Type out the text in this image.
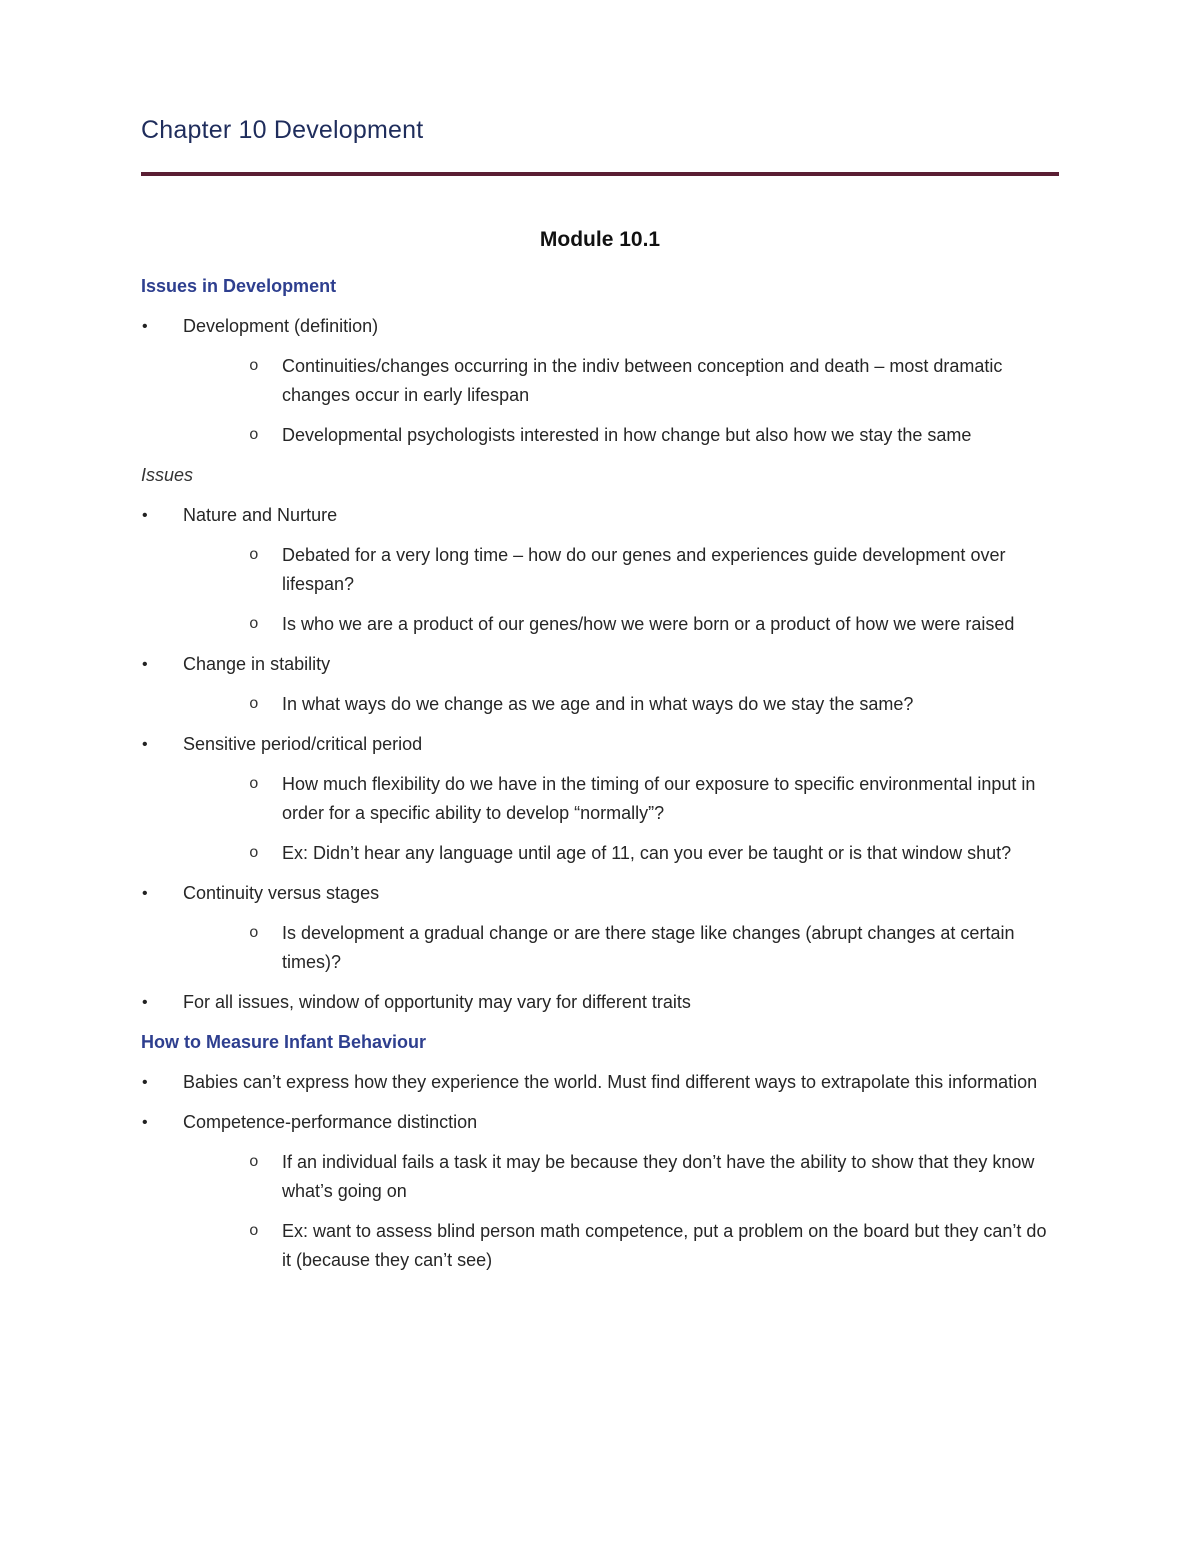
Chapter 10 Development
Module 10.1
Issues in Development
• Development (definition)
o Continuities/changes occurring in the indiv between conception and death – most dramatic changes occur in early lifespan
o Developmental psychologists interested in how change but also how we stay the same
Issues
• Nature and Nurture
o Debated for a very long time – how do our genes and experiences guide development over lifespan?
o Is who we are a product of our genes/how we were born or a product of how we were raised
• Change in stability
o In what ways do we change as we age and in what ways do we stay the same?
• Sensitive period/critical period
o How much flexibility do we have in the timing of our exposure to specific environmental input in order for a specific ability to develop “normally”?
o Ex: Didn’t hear any language until age of 11, can you ever be taught or is that window shut?
• Continuity versus stages
o Is development a gradual change or are there stage like changes (abrupt changes at certain times)?
• For all issues, window of opportunity may vary for different traits
How to Measure Infant Behaviour
• Babies can’t express how they experience the world. Must find different ways to extrapolate this information
• Competence-performance distinction
o If an individual fails a task it may be because they don’t have the ability to show that they know what’s going on
o Ex: want to assess blind person math competence, put a problem on the board but they can’t do it (because they can’t see)
